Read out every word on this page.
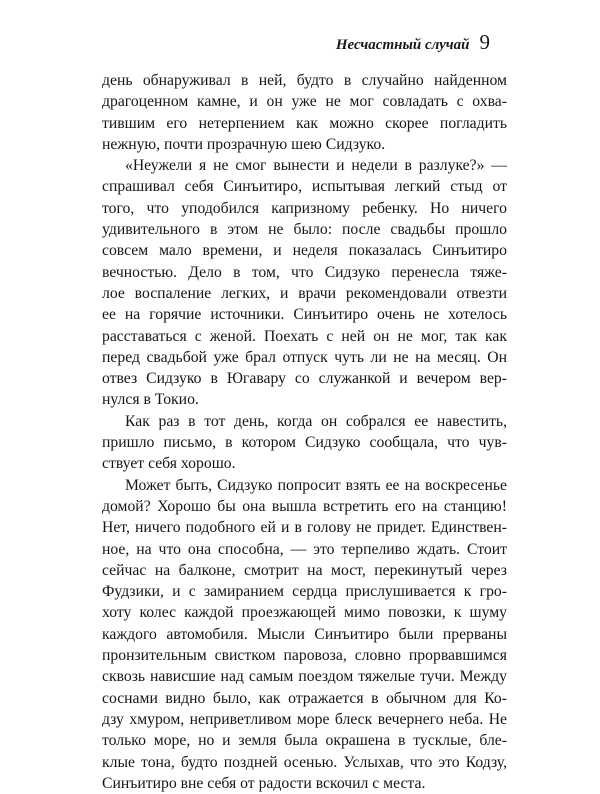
Несчастный случай 9
день обнаруживал в ней, будто в случайно найденном
драгоценном камне, и он уже не мог совладать с охва-
тившим его нетерпением как можно скорее погладить
нежную, почти прозрачную шею Сидзуко.
«Неужели я не смог вынести и недели в разлуке?» —
спрашивал себя Синъитиро, испытывая легкий стыд от
того, что уподобился капризному ребенку. Но ничего
удивительного в этом не было: после свадьбы прошло
совсем мало времени, и неделя показалась Синъитиро
вечностью. Дело в том, что Сидзуко перенесла тяже-
лое воспаление легких, и врачи рекомендовали отвезти
ее на горячие источники. Синъитиро очень не хотелось
расставаться с женой. Поехать с ней он не мог, так как
перед свадьбой уже брал отпуск чуть ли не на месяц. Он
отвез Сидзуко в Югавару со служанкой и вечером вер-
нулся в Токио.
Как раз в тот день, когда он собрался ее навестить,
пришло письмо, в котором Сидзуко сообщала, что чув-
ствует себя хорошо.
Может быть, Сидзуко попросит взять ее на воскресенье
домой? Хорошо бы она вышла встретить его на станцию!
Нет, ничего подобного ей и в голову не придет. Единствен-
ное, на что она способна, — это терпеливо ждать. Стоит
сейчас на балконе, смотрит на мост, перекинутый через
Фудзики, и с замиранием сердца прислушивается к гро-
хоту колес каждой проезжающей мимо повозки, к шуму
каждого автомобиля. Мысли Синъитиро были прерваны
пронзительным свистком паровоза, словно прорвавшимся
сквозь нависшие над самым поездом тяжелые тучи. Между
соснами видно было, как отражается в обычном для Ко-
дзу хмуром, неприветливом море блеск вечернего неба. Не
только море, но и земля была окрашена в тусклые, бле-
клые тона, будто поздней осенью. Услыхав, что это Кодзу,
Синъитиро вне себя от радости вскочил с места.
